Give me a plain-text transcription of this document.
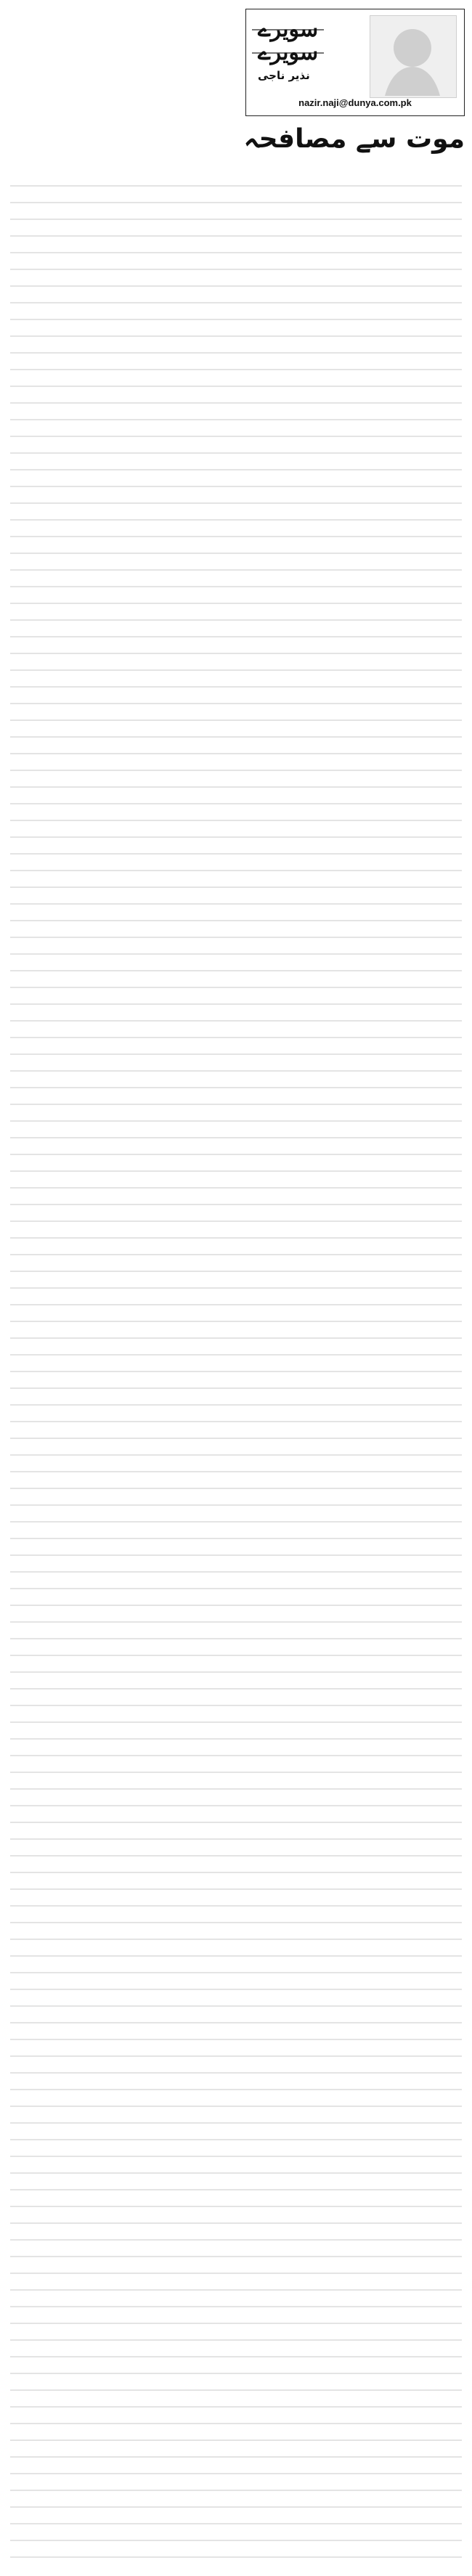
سویرے
سویرے
نذیر ناجی
nazir.naji@dunya.com.pk
موت سے مصافحہ
